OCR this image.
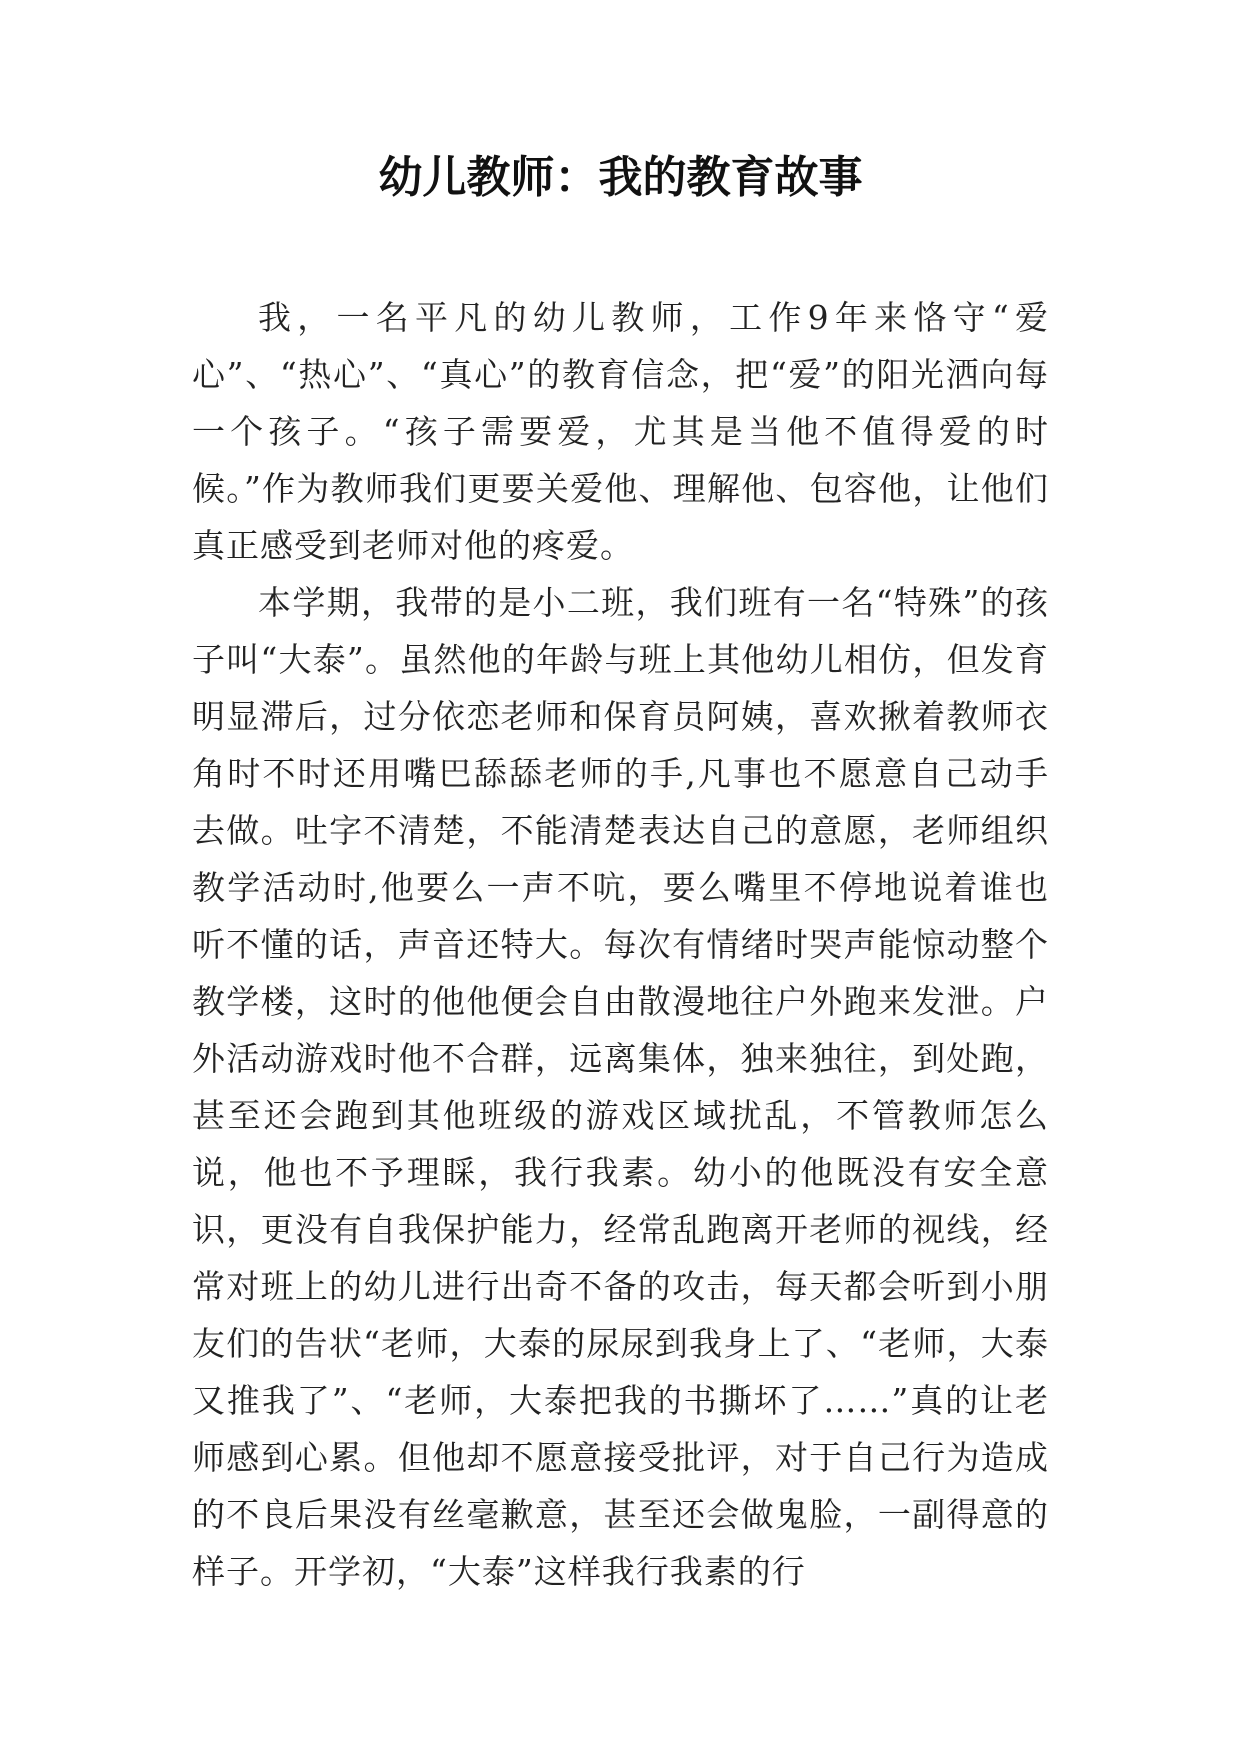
幼儿教师：我的教育故事

我，一名平凡的幼儿教师，工作9年来恪守“爱心”、“热心”、“真心”的教育信念，把“爱”的阳光洒向每一个孩子。“孩子需要爱，尤其是当他不值得爱的时候。”作为教师我们更要关爱他、理解他、包容他，让他们真正感受到老师对他的疼爱。

本学期，我带的是小二班，我们班有一名“特殊”的孩子叫“大泰”。虽然他的年龄与班上其他幼儿相仿，但发育明显滞后，过分依恋老师和保育员阿姨，喜欢揪着教师衣角时不时还用嘴巴舔舔老师的手,凡事也不愿意自己动手去做。吐字不清楚，不能清楚表达自己的意愿，老师组织教学活动时,他要么一声不吭，要么嘴里不停地说着谁也听不懂的话，声音还特大。每次有情绪时哭声能惊动整个教学楼，这时的他他便会自由散漫地往户外跑来发泄。户外活动游戏时他不合群，远离集体，独来独往，到处跑，甚至还会跑到其他班级的游戏区域扰乱，不管教师怎么说，他也不予理睬，我行我素。幼小的他既没有安全意识，更没有自我保护能力，经常乱跑离开老师的视线，经常对班上的幼儿进行出奇不备的攻击，每天都会听到小朋友们的告状“老师，大泰的尿尿到我身上了、“老师，大泰又推我了”、“老师，大泰把我的书撕坏了……”真的让老师感到心累。但他却不愿意接受批评，对于自己行为造成的不良后果没有丝毫歉意，甚至还会做鬼脸，一副得意的样子。开学初，“大泰”这样我行我素的行
